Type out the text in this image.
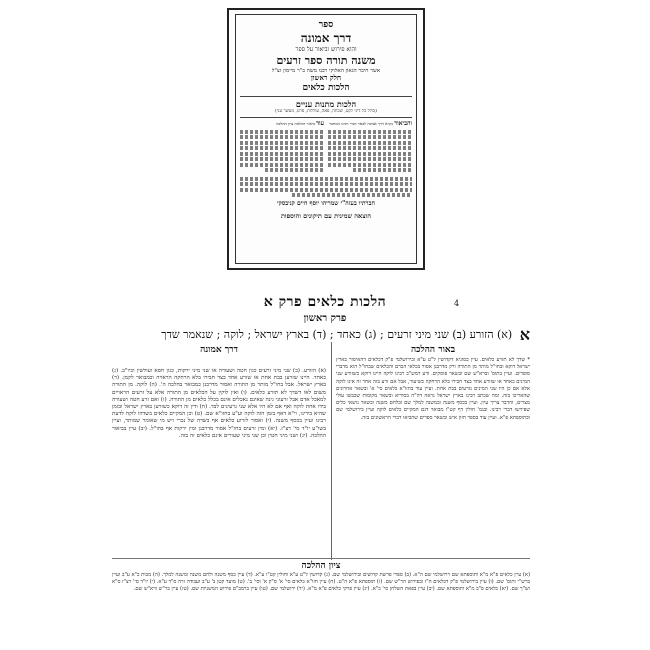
ספר
דרך אמונה
והוא פירוש וביאור על ספר
משנה תורה ספר זרעים
אשר חיבר הגאון האלוקי רבנו משה ב"ר מיימון זצ"ל
חלק ראשון
הלכות כלאים
הלכות מתנות עניים
(כולל כל דיני לקט, שכחה, פאה, עוללות, פרט, מעשר עני)
והביאור נקרא דרך אמונה לבאר דברי רבינו המחבר
עוד ביאור ההלכה ציון ההלכה
חברתיו בעזה"י שמריהו יוסף חיים קניבסקי
הוצאה שמינית עם תיקונים והוספות
4
הלכות כלאים פרק א
פרק ראשון
א (א) הזורע (ב) שני מיני זרעים ; (ג) כאחד ; (ד) בארץ ישראל ; לוקה ; שנאמר שדך
באור ההלכה
דרך אמונה
* שדך לא תזרע כלאים. עיין בסוגיא דקדושין ל"ט ע"א ובירושלמי פ"ק דכלאים דהאיסור בארץ ישראל דוקא ובחו"ל מותר מן התורה ורק מדרבנן אסור בכלאי הכרם והכלאים שבחו"ל הוא מדברי סופרים. ועיין בתוס' וברא"ש שם ובשאר פוסקים. ודע דמש"כ רבינו לוקה היינו דוקא כשזורע שני המינים כאחד או שזורע אחד בצד חבירו בלא הרחקה כשיעור, אבל אם זרע בזה אחר זה אינו לוקה אלא אם כן היו שני המינים נזרעים בבת אחת. ועיין עוד בחזו"א כלאים סי' א' ובשאר אחרונים שהאריכו בזה. ומה שכתב רבינו בארץ ישראל נראה דה"ה בסוריא ובשאר מקומות שכבשו עולי מצרים, והדבר צריך עיון. ועיין בכסף משנה ובמשנה למלך שם ובלחם משנה ובשאר נושאי כלים שפירשו דברי רבינו. ובגמ' חולין דף קט"ו מבואר דגם המקיים כלאים לוקה ועיין בירושלמי שם ובתוספתא פ"א. ועיין עוד בספר חזון איש ובשאר ספרים שהביאו דברי הראשונים בזה.
(א) הזורע. (ב) שני מיני זרעים כגון חטה ושעורה או שני מיני ירקות, כגון חסא ועולשין וכיו"ב. (ג) כאחד. היינו שזרען בבת אחת או שזרע אחד בצד חבירו בלא הרחקה הראויה וכמבואר לקמן. (ד) בארץ ישראל. אבל בחו"ל מותר מן התורה ואסור מדרבנן כמבואר בהלכה ה'. (ה) לוקה. מן התורה משום לאו דשדך לא תזרע כלאים. (ו) ואין לוקין על הכלאים מן התורה אלא על זרעים הראויים למאכל אדם אבל זרעוני גינה שאינם נאכלים אינם בכלל כלאים מן התורה. (ז) ואם זרע חטה ושעורה בידו אחת לוקה ואף אם לא היו אלא שני גרעינים לבד. (ח) ודין זה דוקא כשזרען בארץ ישראל ובזמן שהיא בידינו, וי"א דאף בזמן הזה לוקה וע"ע בחזו"א שם. (ט) וכן המקיים כלאים בשדהו לוקה לדעת רבינו ועיין בכסף משנה. (י) ואסור לזרוע כלאים אף בשדה של נכרי ויש מי שאומר שמותר, ועיין בשו"ע יו"ד סי' רצ"ז. (יא) ומין זרעים בחו"ל אסור מדרבנן ומין ירקות אף בחו"ל. (יב) עיין בביאור ההלכה. (יג) ושני מיני חטין וכן שני מיני שעורים אינם כלאים זה בזה.
ציון ההלכה
(א) עיין כלאים פ"א מ"א ותוספתא שם וירושלמי שם ה"א. (ב) ספרי פרשת קדושים ובירושלמי שם. (ג) קדושין ל"ט ע"א וחולין קט"ו ע"א. (ד) עיין כסף משנה ולחם משנה ומשנה למלך. (ה) מכות כ"א ע"ב ועיין ברש"י ותוס' שם. (ו) עיין בירושלמי פ"ק דכלאים ה"ז ובפירוש הר"ש שם. (ז) תוספתא פ"א ה"ט. (ח) עיין חזו"א כלאים סי' א' ס"ק א' וסי' ב'. (ט) מועד קטן ב' ע"ב ועבודה זרה ס"ד ע"א. (י) יו"ד סי' רצ"ז ס"א וש"ך שם. (יא) כלאים פ"ב מ"א ותוספתא שם. (יב) עיין בפאת השלחן סי' כ"א. (יג) עיין פרקי כלאים פ"א מ"א. (יד) ירושלמי שם. (טו) עיין ברמב"ם פירוש המשניות שם. (טז) עיין בר"ש ורא"ש שם.
